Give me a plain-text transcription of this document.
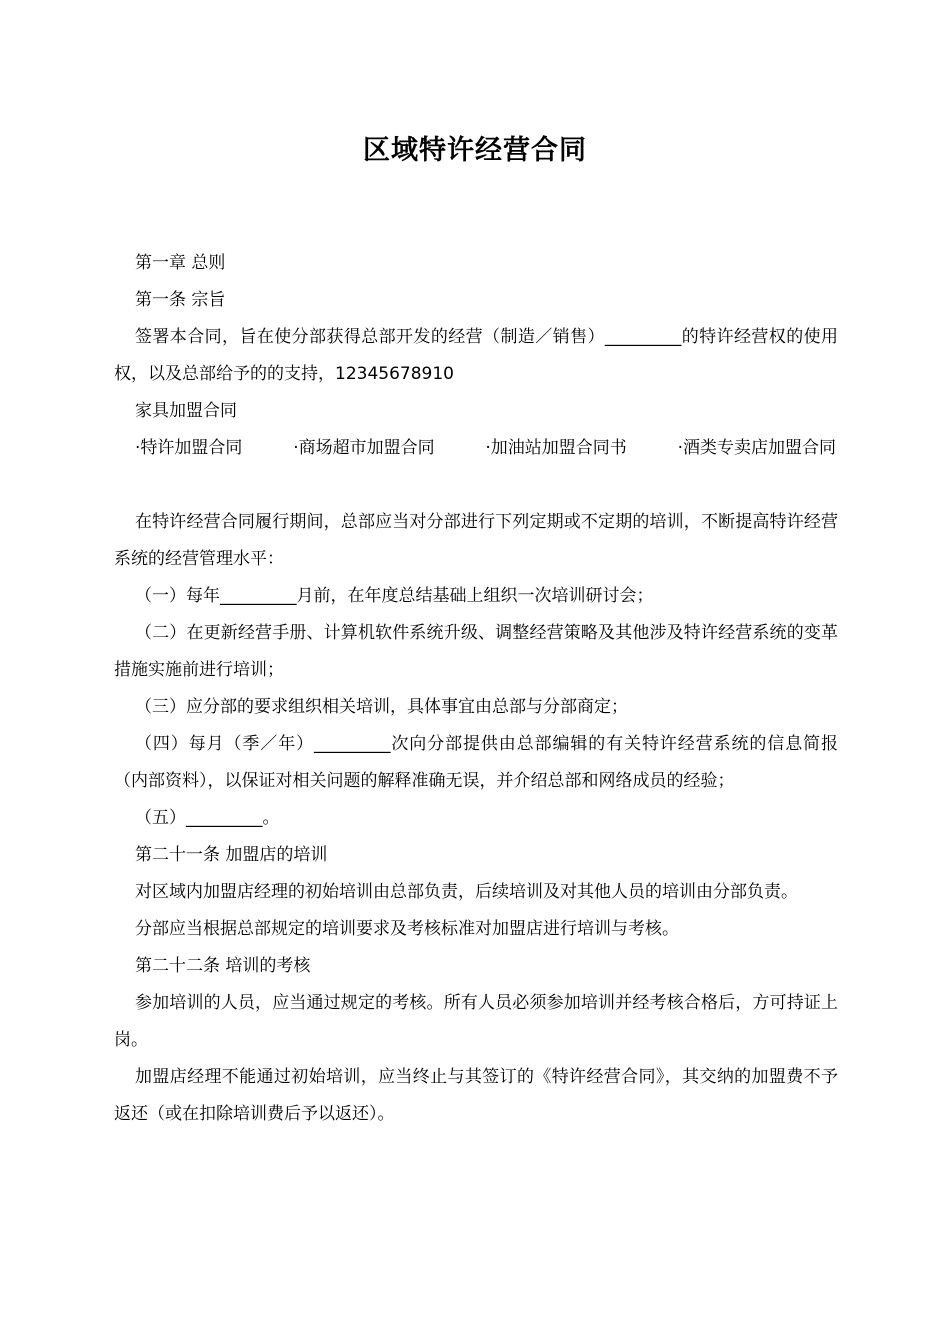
区域特许经营合同

第一章 总则

第一条 宗旨

签署本合同，旨在使分部获得总部开发的经营（制造／销售）_________的特许经营权的使用权，以及总部给予的的支持，12345678910

家具加盟合同

·特许加盟合同	·商场超市加盟合同	·加油站加盟合同书	·酒类专卖店加盟合同

在特许经营合同履行期间，总部应当对分部进行下列定期或不定期的培训，不断提高特许经营系统的经营管理水平：

（一）每年_________月前，在年度总结基础上组织一次培训研讨会；

（二）在更新经营手册、计算机软件系统升级、调整经营策略及其他涉及特许经营系统的变革措施实施前进行培训；

（三）应分部的要求组织相关培训，具体事宜由总部与分部商定；

（四）每月（季／年）_________次向分部提供由总部编辑的有关特许经营系统的信息简报（内部资料），以保证对相关问题的解释准确无误，并介绍总部和网络成员的经验；

（五）_________。

第二十一条 加盟店的培训

对区域内加盟店经理的初始培训由总部负责，后续培训及对其他人员的培训由分部负责。

分部应当根据总部规定的培训要求及考核标准对加盟店进行培训与考核。

第二十二条 培训的考核

参加培训的人员，应当通过规定的考核。所有人员必须参加培训并经考核合格后，方可持证上岗。

加盟店经理不能通过初始培训，应当终止与其签订的《特许经营合同》，其交纳的加盟费不予返还（或在扣除培训费后予以返还）。
